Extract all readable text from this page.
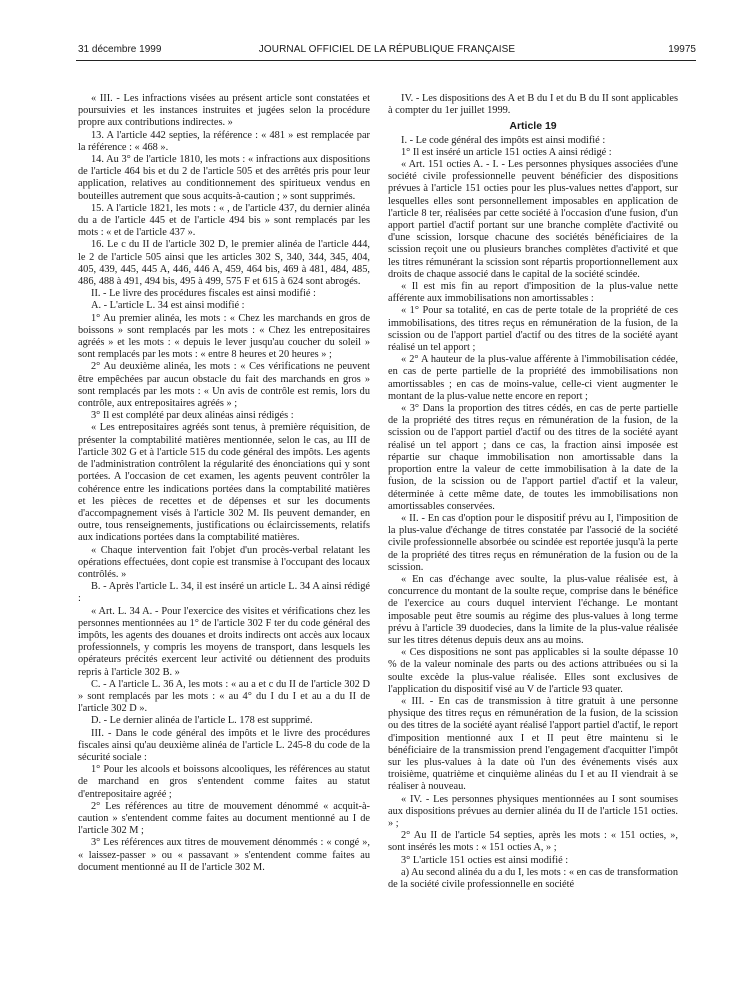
31 décembre 1999	JOURNAL OFFICIEL DE LA RÉPUBLIQUE FRANÇAISE	19975

« III. - Les infractions visées au présent article sont constatées et poursuivies et les instances instruites et jugées selon la procédure propre aux contributions indirectes. »

13. A l'article 442 septies, la référence : « 481 » est remplacée par la référence : « 468 ».

14. Au 3° de l'article 1810, les mots : « infractions aux dispositions de l'article 464 bis et du 2 de l'article 505 et des arrêtés pris pour leur application, relatives au conditionnement des spiritueux vendus en bouteilles autrement que sous acquits-à-caution ; » sont supprimés.

15. A l'article 1821, les mots : « , de l'article 437, du dernier alinéa du a de l'article 445 et de l'article 494 bis » sont remplacés par les mots : « et de l'article 437 ».

16. Le c du II de l'article 302 D, le premier alinéa de l'article 444, le 2 de l'article 505 ainsi que les articles 302 S, 340, 344, 345, 404, 405, 439, 445, 445 A, 446, 446 A, 459, 464 bis, 469 à 481, 484, 485, 486, 488 à 491, 494 bis, 495 à 499, 575 F et 615 à 624 sont abrogés.

II. - Le livre des procédures fiscales est ainsi modifié :

A. - L'article L. 34 est ainsi modifié :

1° Au premier alinéa, les mots : « Chez les marchands en gros de boissons » sont remplacés par les mots : « Chez les entrepositaires agréés » et les mots : « depuis le lever jusqu'au coucher du soleil » sont remplacés par les mots : « entre 8 heures et 20 heures » ;

2° Au deuxième alinéa, les mots : « Ces vérifications ne peuvent être empêchées par aucun obstacle du fait des marchands en gros » sont remplacés par les mots : « Un avis de contrôle est remis, lors du contrôle, aux entrepositaires agréés » ;

3° Il est complété par deux alinéas ainsi rédigés :

« Les entrepositaires agréés sont tenus, à première réquisition, de présenter la comptabilité matières mentionnée, selon le cas, au III de l'article 302 G et à l'article 515 du code général des impôts. Les agents de l'administration contrôlent la régularité des énonciations qui y sont portées. A l'occasion de cet examen, les agents peuvent contrôler la cohérence entre les indications portées dans la comptabilité matières et les pièces de recettes et de dépenses et sur les documents d'accompagnement visés à l'article 302 M. Ils peuvent demander, en outre, tous renseignements, justifications ou éclaircissements, relatifs aux indications portées dans la comptabilité matières.

« Chaque intervention fait l'objet d'un procès-verbal relatant les opérations effectuées, dont copie est transmise à l'occupant des locaux contrôlés. »

B. - Après l'article L. 34, il est inséré un article L. 34 A ainsi rédigé :

« Art. L. 34 A. - Pour l'exercice des visites et vérifications chez les personnes mentionnées au 1° de l'article 302 F ter du code général des impôts, les agents des douanes et droits indirects ont accès aux locaux professionnels, y compris les moyens de transport, dans lesquels les opérateurs précités exercent leur activité ou détiennent des produits repris à l'article 302 B. »

C. - A l'article L. 36 A, les mots : « au a et c du II de l'article 302 D » sont remplacés par les mots : « au 4° du I du I et au a du II de l'article 302 D ».

D. - Le dernier alinéa de l'article L. 178 est supprimé.

III. - Dans le code général des impôts et le livre des procédures fiscales ainsi qu'au deuxième alinéa de l'article L. 245-8 du code de la sécurité sociale :

1° Pour les alcools et boissons alcooliques, les références au statut de marchand en gros s'entendent comme faites au statut d'entrepositaire agréé ;

2° Les références au titre de mouvement dénommé « acquit-à-caution » s'entendent comme faites au document mentionné au I de l'article 302 M ;

3° Les références aux titres de mouvement dénommés : « congé », « laissez-passer » ou « passavant » s'entendent comme faites au document mentionné au II de l'article 302 M.

IV. - Les dispositions des A et B du I et du B du II sont applicables à compter du 1er juillet 1999.

Article 19

I. - Le code général des impôts est ainsi modifié :

1° Il est inséré un article 151 octies A ainsi rédigé :

« Art. 151 octies A. - I. - Les personnes physiques associées d'une société civile professionnelle peuvent bénéficier des dispositions prévues à l'article 151 octies pour les plus-values nettes d'apport, sur lesquelles elles sont personnellement imposables en application de l'article 8 ter, réalisées par cette société à l'occasion d'une fusion, d'un apport partiel d'actif portant sur une branche complète d'activité ou d'une scission, lorsque chacune des sociétés bénéficiaires de la scission reçoit une ou plusieurs branches complètes d'activité et que les titres rémunérant la scission sont répartis proportionnellement aux droits de chaque associé dans le capital de la société scindée.

« Il est mis fin au report d'imposition de la plus-value nette afférente aux immobilisations non amortissables :

« 1° Pour sa totalité, en cas de perte totale de la propriété de ces immobilisations, des titres reçus en rémunération de la fusion, de la scission ou de l'apport partiel d'actif ou des titres de la société ayant réalisé un tel apport ;

« 2° A hauteur de la plus-value afférente à l'immobilisation cédée, en cas de perte partielle de la propriété des immobilisations non amortissables ; en cas de moins-value, celle-ci vient augmenter le montant de la plus-value nette encore en report ;

« 3° Dans la proportion des titres cédés, en cas de perte partielle de la propriété des titres reçus en rémunération de la fusion, de la scission ou de l'apport partiel d'actif ou des titres de la société ayant réalisé un tel apport ; dans ce cas, la fraction ainsi imposée est répartie sur chaque immobilisation non amortissable dans la proportion entre la valeur de cette immobilisation à la date de la fusion, de la scission ou de l'apport partiel d'actif et la valeur, déterminée à cette même date, de toutes les immobilisations non amortissables conservées.

« II. - En cas d'option pour le dispositif prévu au I, l'imposition de la plus-value d'échange de titres constatée par l'associé de la société civile professionnelle absorbée ou scindée est reportée jusqu'à la perte de la propriété des titres reçus en rémunération de la fusion ou de la scission.

« En cas d'échange avec soulte, la plus-value réalisée est, à concurrence du montant de la soulte reçue, comprise dans le bénéfice de l'exercice au cours duquel intervient l'échange. Le montant imposable peut être soumis au régime des plus-values à long terme prévu à l'article 39 duodecies, dans la limite de la plus-value réalisée sur les titres détenus depuis deux ans au moins.

« Ces dispositions ne sont pas applicables si la soulte dépasse 10 % de la valeur nominale des parts ou des actions attribuées ou si la soulte excède la plus-value réalisée. Elles sont exclusives de l'application du dispositif visé au V de l'article 93 quater.

« III. - En cas de transmission à titre gratuit à une personne physique des titres reçus en rémunération de la fusion, de la scission ou des titres de la société ayant réalisé l'apport partiel d'actif, le report d'imposition mentionné aux I et II peut être maintenu si le bénéficiaire de la transmission prend l'engagement d'acquitter l'impôt sur les plus-values à la date où l'un des événements visés aux troisième, quatrième et cinquième alinéas du I et au II viendrait à se réaliser à nouveau.

« IV. - Les personnes physiques mentionnées au I sont soumises aux dispositions prévues au dernier alinéa du II de l'article 151 octies. » ;

2° Au II de l'article 54 septies, après les mots : « 151 octies, », sont insérés les mots : « 151 octies A, » ;

3° L'article 151 octies est ainsi modifié :

a) Au second alinéa du a du I, les mots : « en cas de transformation de la société civile professionnelle en société
